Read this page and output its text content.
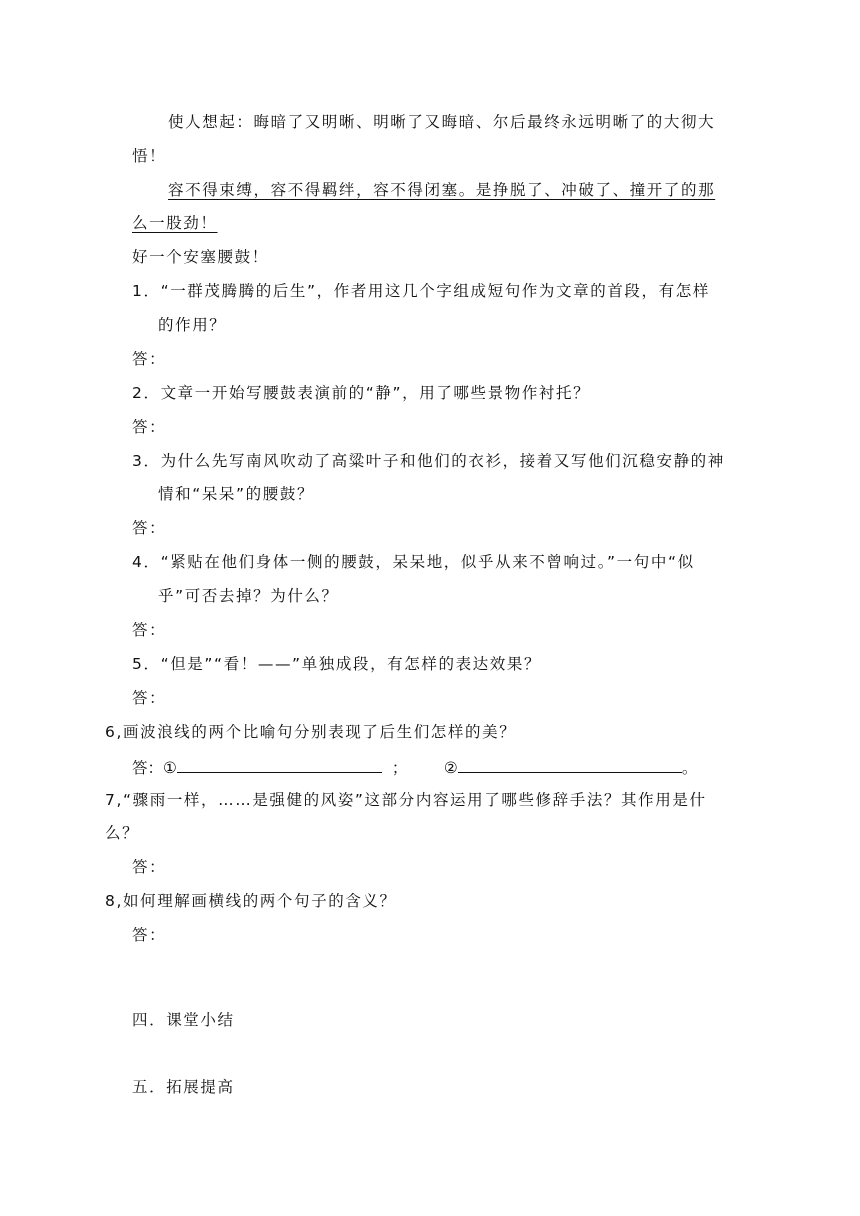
使人想起：晦暗了又明晰、明晰了又晦暗、尔后最终永远明晰了的大彻大
悟！
容不得束缚，容不得羁绊，容不得闭塞。是挣脱了、冲破了、撞开了的那
么一股劲！
好一个安塞腰鼓！
1．“一群茂腾腾的后生”，作者用这几个字组成短句作为文章的首段，有怎样
的作用？
答：
2．文章一开始写腰鼓表演前的“静”，用了哪些景物作衬托？
答：
3．为什么先写南风吹动了高粱叶子和他们的衣衫，接着又写他们沉稳安静的神
情和“呆呆”的腰鼓？
答：
4．“紧贴在他们身体一侧的腰鼓，呆呆地，似乎从来不曾响过。”一句中“似
乎”可否去掉？为什么？
答：
5．“但是”“看！——”单独成段，有怎样的表达效果？
答：
6,画波浪线的两个比喻句分别表现了后生们怎样的美？
答：①	； ②	。
7,“骤雨一样，……是强健的风姿”这部分内容运用了哪些修辞手法？其作用是什
么？
答：
8,如何理解画横线的两个句子的含义？
答：
四．课堂小结
五．拓展提高
